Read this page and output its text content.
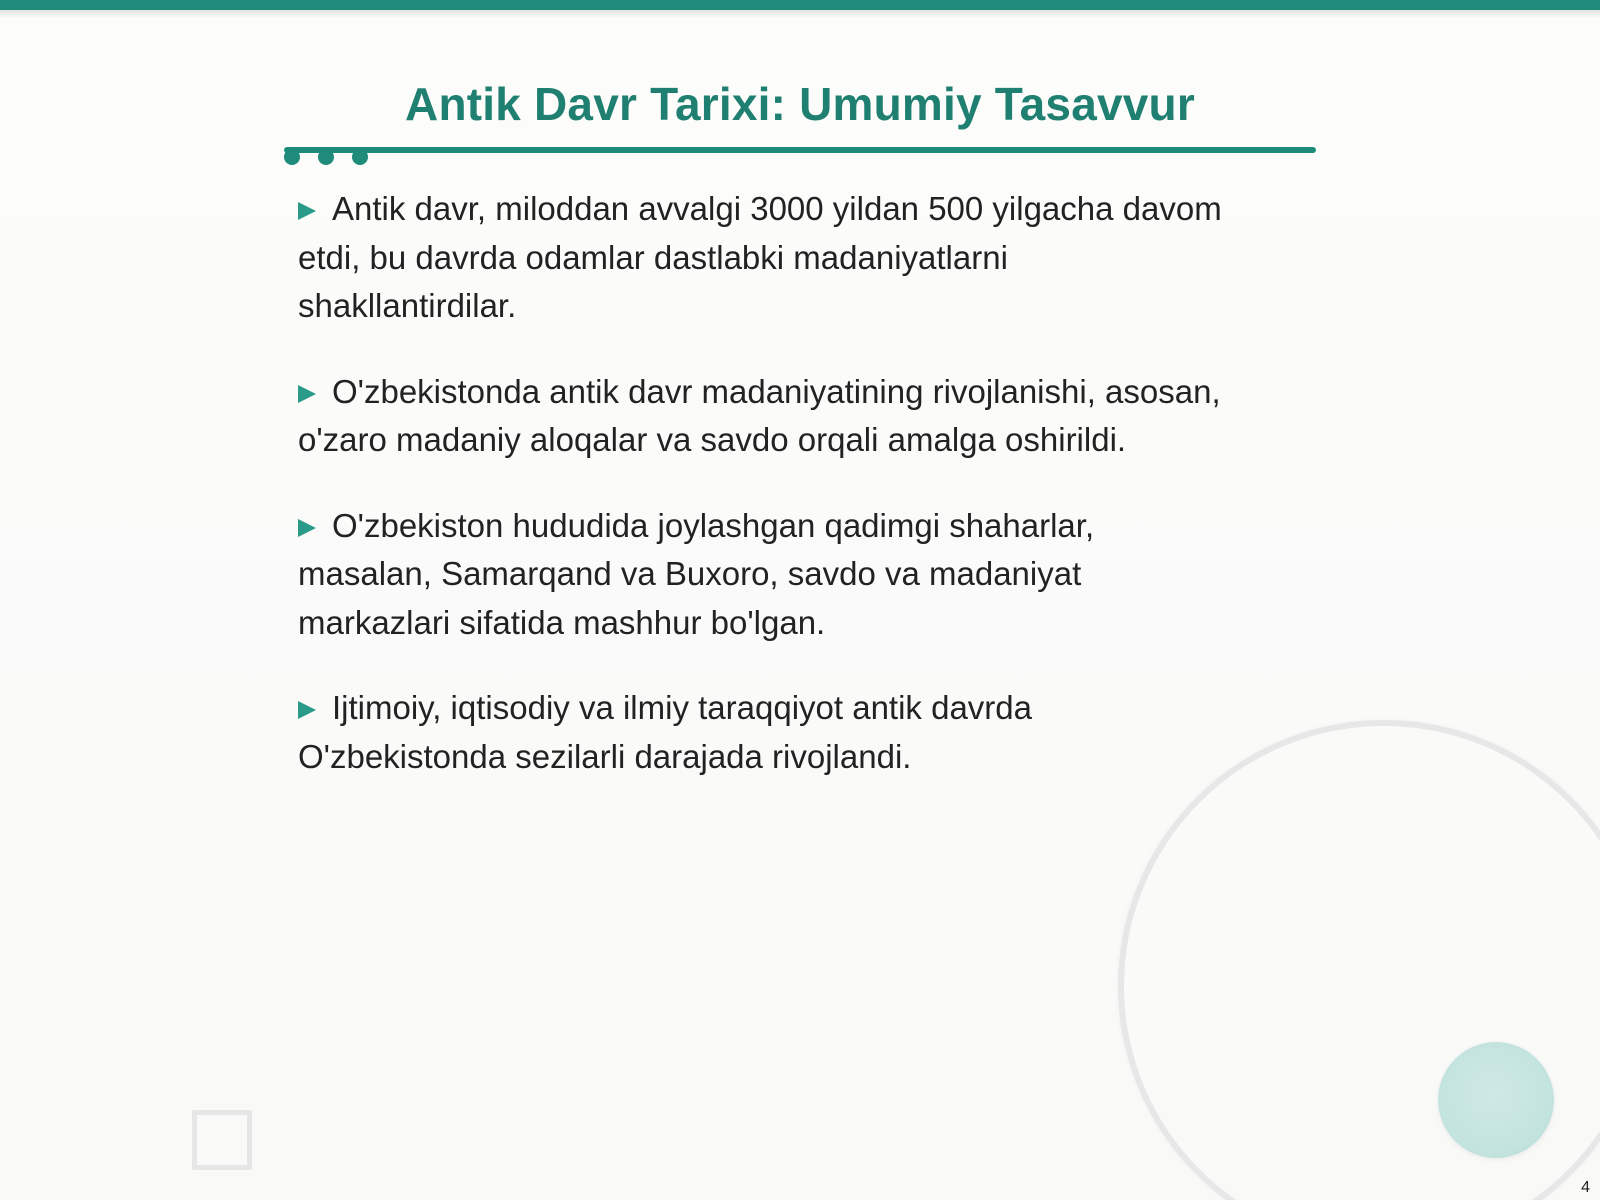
Antik Davr Tarixi: Umumiy Tasavvur
Antik davr, miloddan avvalgi 3000 yildan 500 yilgacha davom etdi, bu davrda odamlar dastlabki madaniyatlarni shakllantirdilar.
O'zbekistonda antik davr madaniyatining rivojlanishi, asosan, o'zaro madaniy aloqalar va savdo orqali amalga oshirildi.
O'zbekiston hududida joylashgan qadimgi shaharlar, masalan, Samarqand va Buxoro, savdo va madaniyat markazlari sifatida mashhur bo'lgan.
Ijtimoiy, iqtisodiy va ilmiy taraqqiyot antik davrda O'zbekistonda sezilarli darajada rivojlandi.
4
